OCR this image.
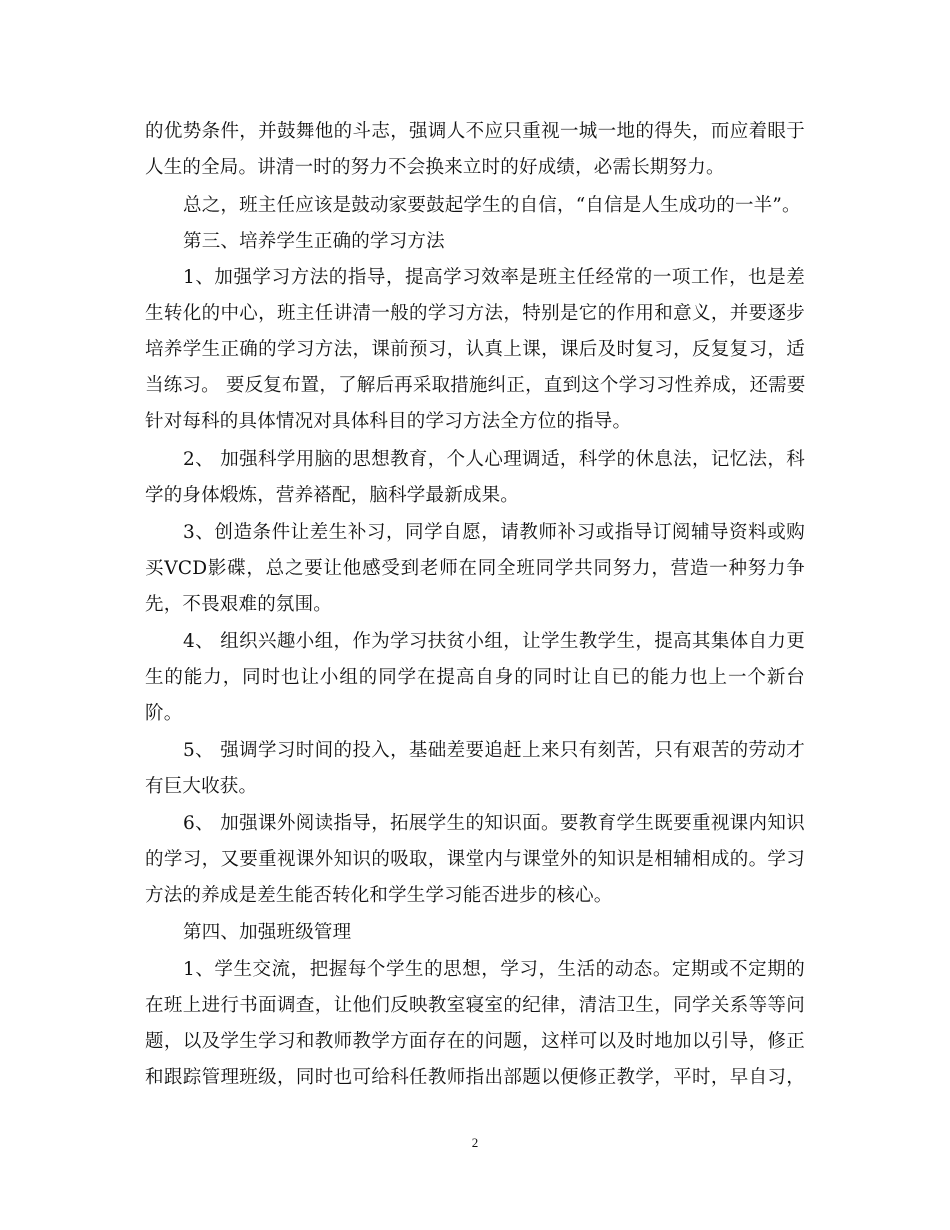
的优势条件，并鼓舞他的斗志，强调人不应只重视一城一地的得失，而应着眼于
人生的全局。讲清一时的努力不会换来立时的好成绩，必需长期努力。
总之，班主任应该是鼓动家要鼓起学生的自信，“自信是人生成功的一半”。
第三、培养学生正确的学习方法
1、加强学习方法的指导，提高学习效率是班主任经常的一项工作，也是差
生转化的中心，班主任讲清一般的学习方法，特别是它的作用和意义，并要逐步
培养学生正确的学习方法，课前预习，认真上课，课后及时复习，反复复习，适
当练习。 要反复布置，了解后再采取措施纠正，直到这个学习习性养成，还需要
针对每科的具体情况对具体科目的学习方法全方位的指导。
2、 加强科学用脑的思想教育，个人心理调适，科学的休息法，记忆法，科
学的身体煅炼，营养褡配，脑科学最新成果。
3、创造条件让差生补习，同学自愿，请教师补习或指导订阅辅导资料或购
买VCD影碟，总之要让他感受到老师在同全班同学共同努力，营造一种努力争
先，不畏艰难的氛围。
4、 组织兴趣小组，作为学习扶贫小组，让学生教学生，提高其集体自力更
生的能力，同时也让小组的同学在提高自身的同时让自已的能力也上一个新台
阶。
5、 强调学习时间的投入，基础差要追赶上来只有刻苦，只有艰苦的劳动才
有巨大收获。
6、 加强课外阅读指导，拓展学生的知识面。要教育学生既要重视课内知识
的学习，又要重视课外知识的吸取，课堂内与课堂外的知识是相辅相成的。学习
方法的养成是差生能否转化和学生学习能否进步的核心。
第四、加强班级管理
1、学生交流，把握每个学生的思想，学习，生活的动态。定期或不定期的
在班上进行书面调查，让他们反映教室寝室的纪律，清洁卫生，同学关系等等问
题，以及学生学习和教师教学方面存在的问题，这样可以及时地加以引导，修正
和跟踪管理班级，同时也可给科任教师指出部题以便修正教学，平时，早自习，
2
